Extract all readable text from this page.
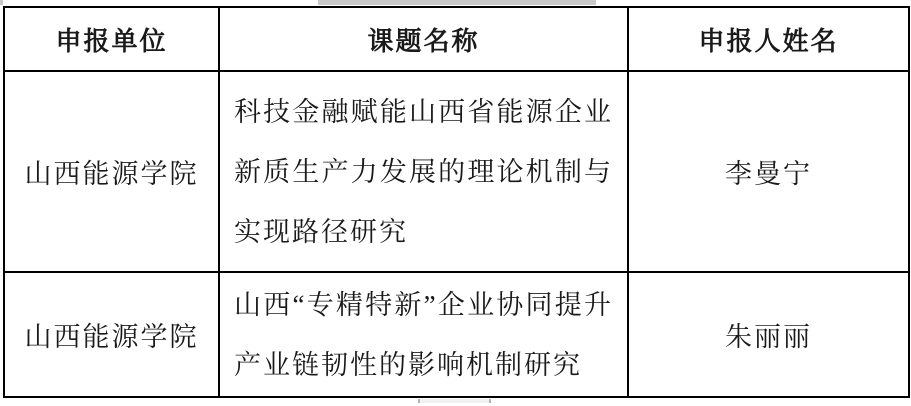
申报单位	课题名称	申报人姓名
山西能源学院	科技金融赋能山西省能源企业新质生产力发展的理论机制与实现路径研究	李曼宁
山西能源学院	山西“专精特新”企业协同提升产业链韧性的影响机制研究	朱丽丽
